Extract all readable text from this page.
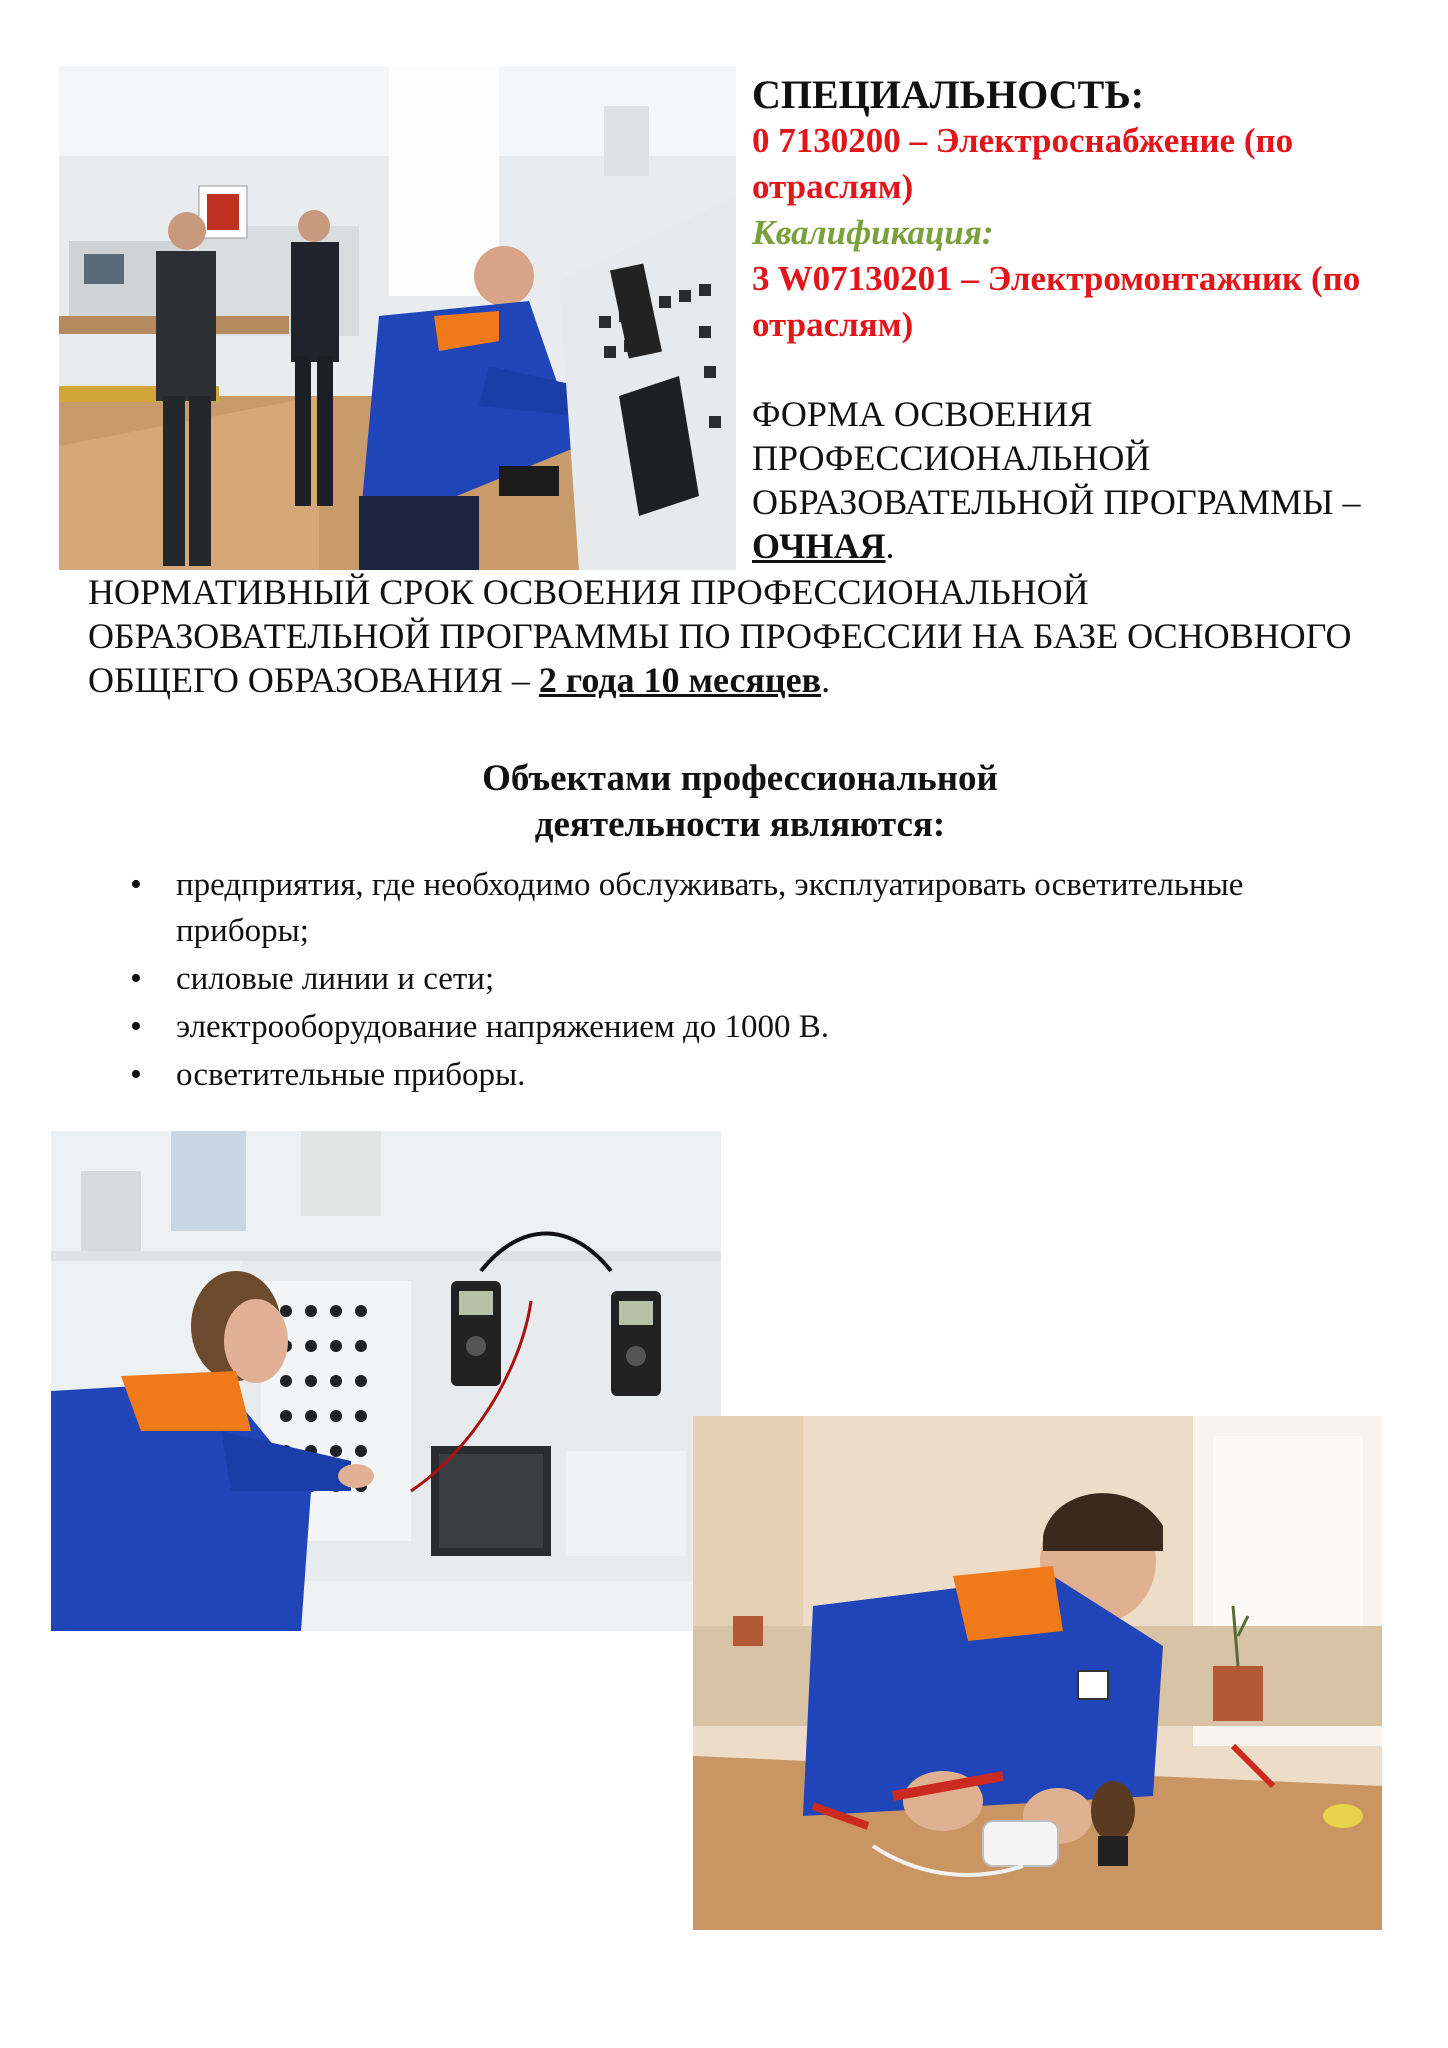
СПЕЦИАЛЬНОСТЬ:
0 7130200 – Электроснабжение (по отраслям)
Квалификация:
3 W07130201 – Электромонтажник (по отраслям)
ФОРМА ОСВОЕНИЯ ПРОФЕССИОНАЛЬНОЙ ОБРАЗОВАТЕЛЬНОЙ ПРОГРАММЫ – ОЧНАЯ.
НОРМАТИВНЫЙ СРОК ОСВОЕНИЯ ПРОФЕССИОНАЛЬНОЙ ОБРАЗОВАТЕЛЬНОЙ ПРОГРАММЫ ПО ПРОФЕССИИ НА БАЗЕ ОСНОВНОГО ОБЩЕГО ОБРАЗОВАНИЯ – 2 года 10 месяцев.
Объектами профессиональной
деятельности являются:
• предприятия, где необходимо обслуживать, эксплуатировать осветительные приборы;
• силовые линии и сети;
• электрооборудование напряжением до 1000 В.
• осветительные приборы.
